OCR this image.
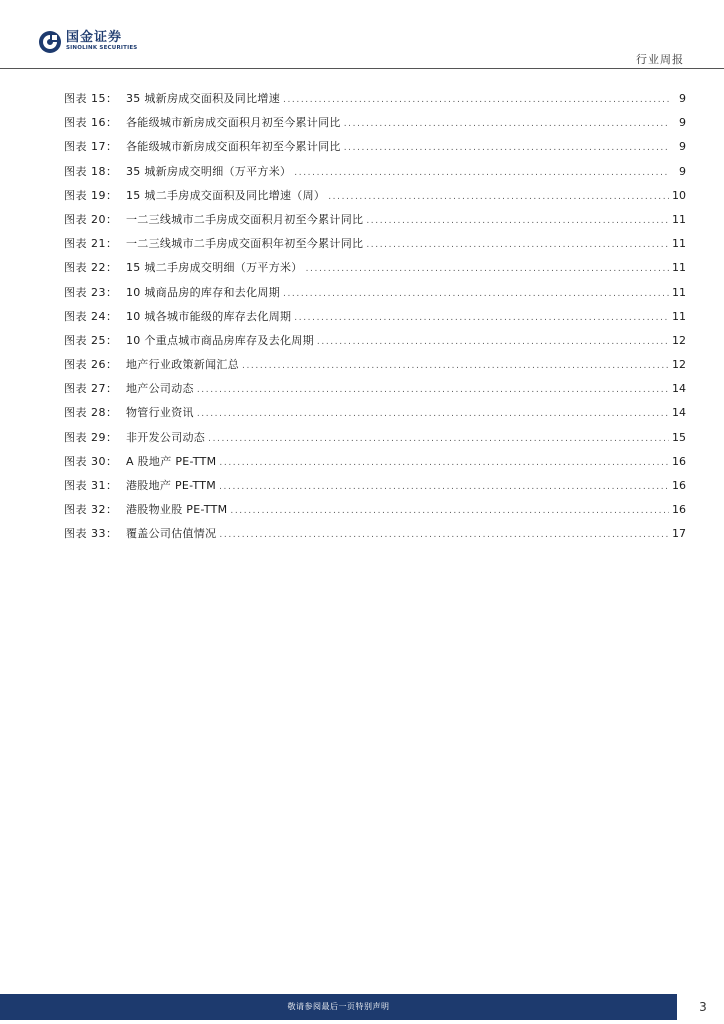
国金证券
SINOLINK SECURITIES
行业周报
图表 15： 35 城新房成交面积及同比增速 .....	9
图表 16： 各能级城市新房成交面积月初至今累计同比 .....	9
图表 17： 各能级城市新房成交面积年初至今累计同比 .....	9
图表 18： 35 城新房成交明细（万平方米） .....	9
图表 19： 15 城二手房成交面积及同比增速（周） .....	10
图表 20： 一二三线城市二手房成交面积月初至今累计同比 .....	11
图表 21： 一二三线城市二手房成交面积年初至今累计同比 .....	11
图表 22： 15 城二手房成交明细（万平方米） .....	11
图表 23： 10 城商品房的库存和去化周期 .....	11
图表 24： 10 城各城市能级的库存去化周期 .....	11
图表 25： 10 个重点城市商品房库存及去化周期 .....	12
图表 26： 地产行业政策新闻汇总 .....	12
图表 27： 地产公司动态 .....	14
图表 28： 物管行业资讯 .....	14
图表 29： 非开发公司动态 .....	15
图表 30： A 股地产 PE-TTM .....	16
图表 31： 港股地产 PE-TTM .....	16
图表 32： 港股物业股 PE-TTM .....	16
图表 33： 覆盖公司估值情况 .....	17
敬请参阅最后一页特别声明	3
